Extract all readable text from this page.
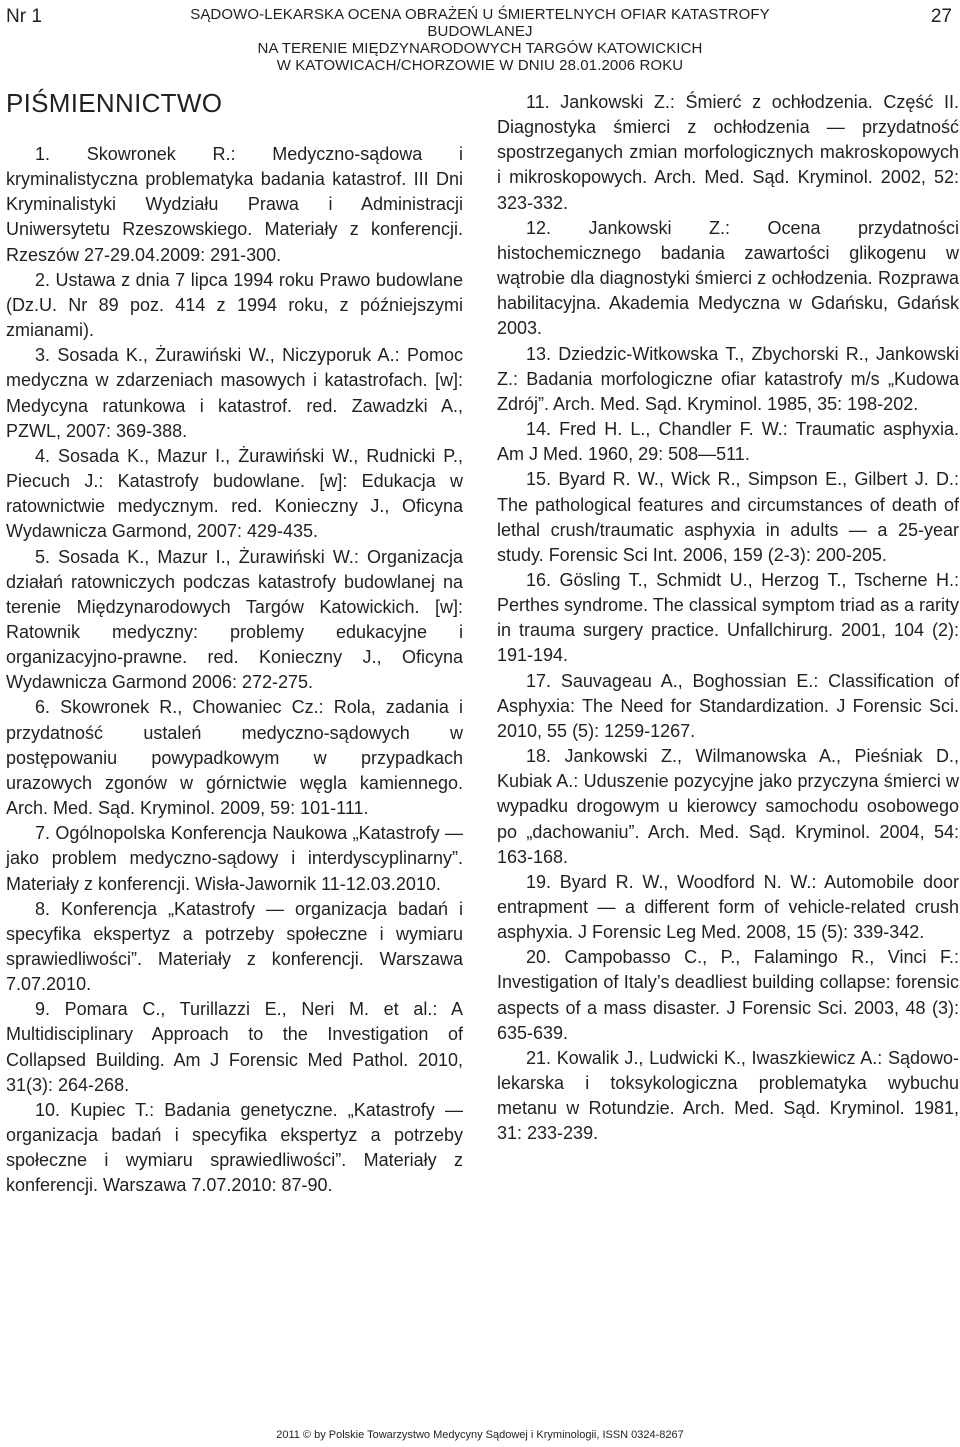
Nr 1	SĄDOWO-LEKARSKA OCENA OBRAŻEŃ U ŚMIERTELNYCH OFIAR KATASTROFY BUDOWLANEJ
NA TERENIE MIĘDZYNARODOWYCH TARGÓW KATOWICKICH
W KATOWICACH/CHORZOWIE W DNIU 28.01.2006 ROKU
27
PIŚMIENNICTWO

1. Skowronek R.: Medyczno-sądowa i kryminalistyczna problematyka badania katastrof. III Dni Kryminalistyki Wydziału Prawa i Administracji Uniwersytetu Rzeszowskiego. Materiały z konferencji. Rzeszów 27-29.04.2009: 291-300.

2. Ustawa z dnia 7 lipca 1994 roku Prawo budowlane (Dz.U. Nr 89 poz. 414 z 1994 roku, z późniejszymi zmianami).

3. Sosada K., Żurawiński W., Niczyporuk A.: Pomoc medyczna w zdarzeniach masowych i katastrofach. [w]: Medycyna ratunkowa i katastrof. red. Zawadzki A., PZWL, 2007: 369-388.

4. Sosada K., Mazur I., Żurawiński W., Rudnicki P., Piecuch J.: Katastrofy budowlane. [w]: Edukacja w ratownictwie medycznym. red. Konieczny J., Oficyna Wydawnicza Garmond, 2007: 429-435.

5. Sosada K., Mazur I., Żurawiński W.: Organizacja działań ratowniczych podczas katastrofy budowlanej na terenie Międzynarodowych Targów Katowickich. [w]: Ratownik medyczny: problemy edukacyjne i organizacyjno-prawne. red. Konieczny J., Oficyna Wydawnicza Garmond 2006: 272-275.

6. Skowronek R., Chowaniec Cz.: Rola, zadania i przydatność ustaleń medyczno-sądowych w postępowaniu powypadkowym w przypadkach urazowych zgonów w górnictwie węgla kamiennego. Arch. Med. Sąd. Kryminol. 2009, 59: 101-111.

7. Ogólnopolska Konferencja Naukowa „Katastrofy — jako problem medyczno-sądowy i interdyscyplinarny”. Materiały z konferencji. Wisła-Jawornik 11-12.03.2010.

8. Konferencja „Katastrofy — organizacja badań i specyfika ekspertyz a potrzeby społeczne i wymiaru sprawiedliwości”. Materiały z konferencji. Warszawa 7.07.2010.

9. Pomara C., Turillazzi E., Neri M. et al.: A Multidisciplinary Approach to the Investigation of Collapsed Building. Am J Forensic Med Pathol. 2010, 31(3): 264-268.

10. Kupiec T.: Badania genetyczne. „Katastrofy — organizacja badań i specyfika ekspertyz a potrzeby społeczne i wymiaru sprawiedliwości”. Materiały z konferencji. Warszawa 7.07.2010: 87-90.

11. Jankowski Z.: Śmierć z ochłodzenia. Część II. Diagnostyka śmierci z ochłodzenia — przydatność spostrzeganych zmian morfologicznych makroskopowych i mikroskopowych. Arch. Med. Sąd. Kryminol. 2002, 52: 323-332.

12. Jankowski Z.: Ocena przydatności histochemicznego badania zawartości glikogenu w wątrobie dla diagnostyki śmierci z ochłodzenia. Rozprawa habilitacyjna. Akademia Medyczna w Gdańsku, Gdańsk 2003.

13. Dziedzic-Witkowska T., Zbychorski R., Jankowski Z.: Badania morfologiczne ofiar katastrofy m/s „Kudowa Zdrój”. Arch. Med. Sąd. Kryminol. 1985, 35: 198-202.

14. Fred H. L., Chandler F. W.: Traumatic asphyxia. Am J Med. 1960, 29: 508—511.

15. Byard R. W., Wick R., Simpson E., Gilbert J. D.: The pathological features and circumstances of death of lethal crush/traumatic asphyxia in adults — a 25-year study. Forensic Sci Int. 2006, 159 (2-3): 200-205.

16. Gösling T., Schmidt U., Herzog T., Tscherne H.: Perthes syndrome. The classical symptom triad as a rarity in trauma surgery practice. Unfallchirurg. 2001, 104 (2): 191-194.

17. Sauvageau A., Boghossian E.: Classification of Asphyxia: The Need for Standardization. J Forensic Sci. 2010, 55 (5): 1259-1267.

18. Jankowski Z., Wilmanowska A., Pieśniak D., Kubiak A.: Uduszenie pozycyjne jako przyczyna śmierci w wypadku drogowym u kierowcy samochodu osobowego po „dachowaniu”. Arch. Med. Sąd. Kryminol. 2004, 54: 163-168.

19. Byard R. W., Woodford N. W.: Automobile door entrapment — a different form of vehicle-related crush asphyxia. J Forensic Leg Med. 2008, 15 (5): 339-342.

20. Campobasso C., P., Falamingo R., Vinci F.: Investigation of Italy’s deadliest building collapse: forensic aspects of a mass disaster. J Forensic Sci. 2003, 48 (3): 635-639.

21. Kowalik J., Ludwicki K., Iwaszkiewicz A.: Sądowo-lekarska i toksykologiczna problematyka wybuchu metanu w Rotundzie. Arch. Med. Sąd. Kryminol. 1981, 31: 233-239.

2011 © by Polskie Towarzystwo Medycyny Sądowej i Kryminologii, ISSN 0324-8267
